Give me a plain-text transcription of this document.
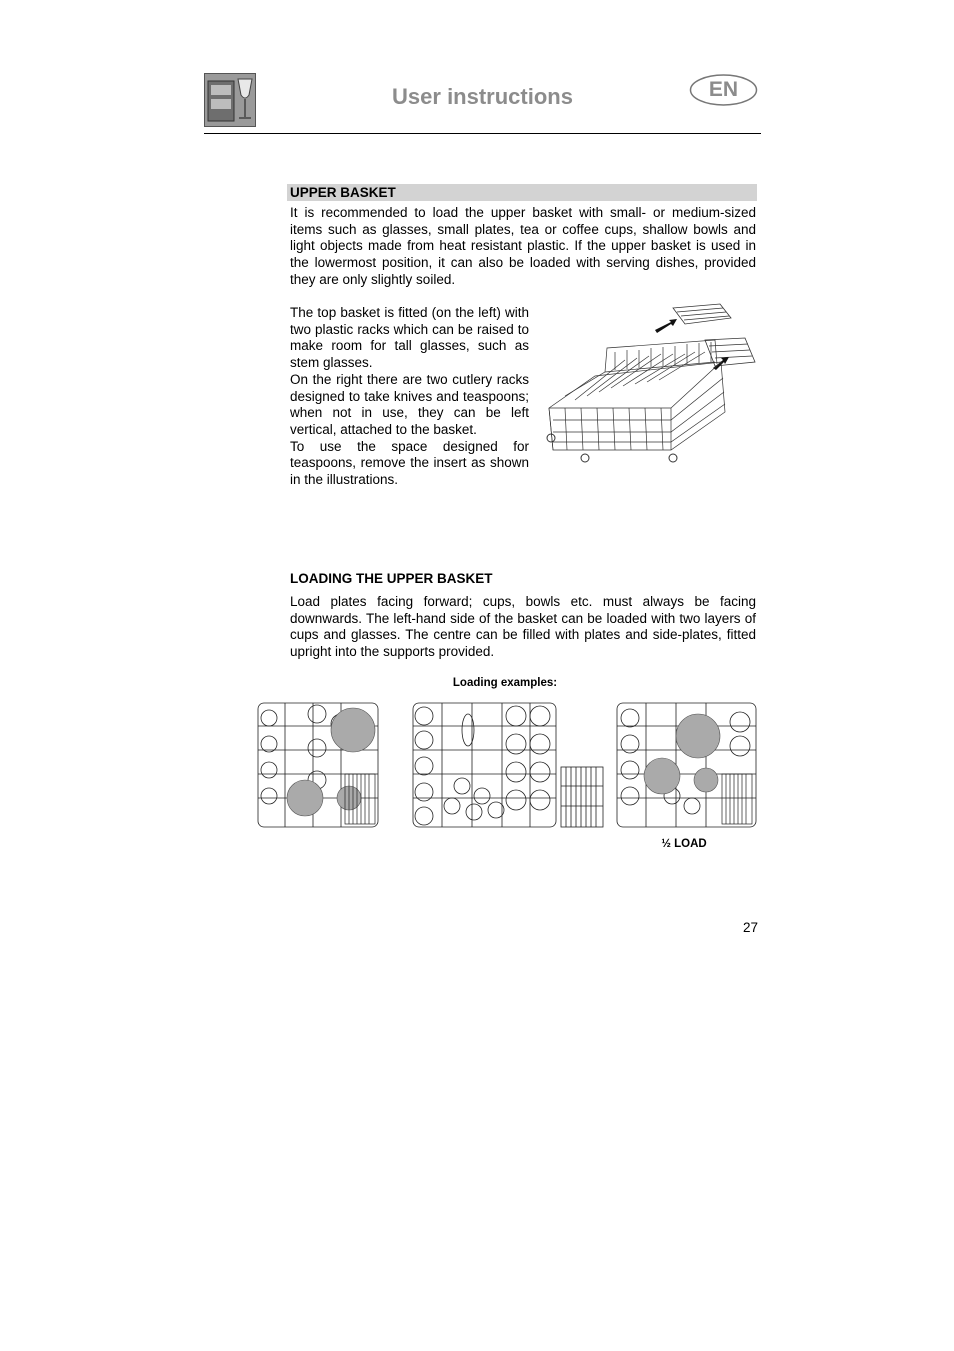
User instructions	EN
UPPER BASKET
It is recommended to load the upper basket with small- or medium-sized items such as glasses, small plates, tea or coffee cups, shallow bowls and light objects made from heat resistant plastic. If the upper basket is used in the lowermost position, it can also be loaded with serving dishes, provided they are only slightly soiled.

The top basket is fitted (on the left) with two plastic racks which can be raised to make room for tall glasses, such as stem glasses.

On the right there are two cutlery racks designed to take knives and teaspoons; when not in use, they can be left vertical, attached to the basket.

To use the space designed for teaspoons, remove the insert as shown in the illustrations.

LOADING THE UPPER BASKET
Load plates facing forward; cups, bowls etc. must always be facing downwards. The left-hand side of the basket can be loaded with two layers of cups and glasses. The centre can be filled with plates and side-plates, fitted upright into the supports provided.
Loading examples:
½ LOAD
27
